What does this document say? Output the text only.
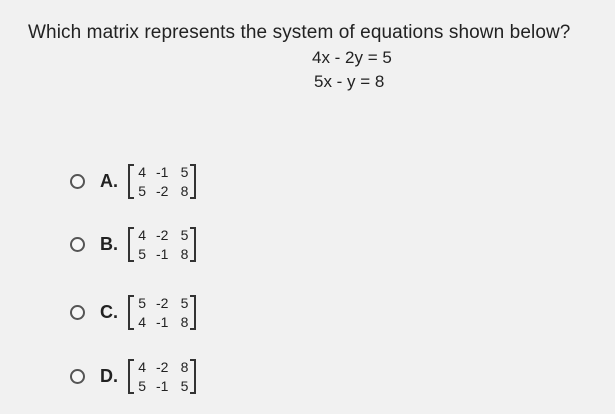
Which matrix represents the system of equations shown below?
4x - 2y = 5
5x - y = 8
A.	4 -1 5
5 -2 8
B.	4 -2 5
5 -1 8
C.	5 -2 5
4 -1 8
D.	4 -2 8
5 -1 5
